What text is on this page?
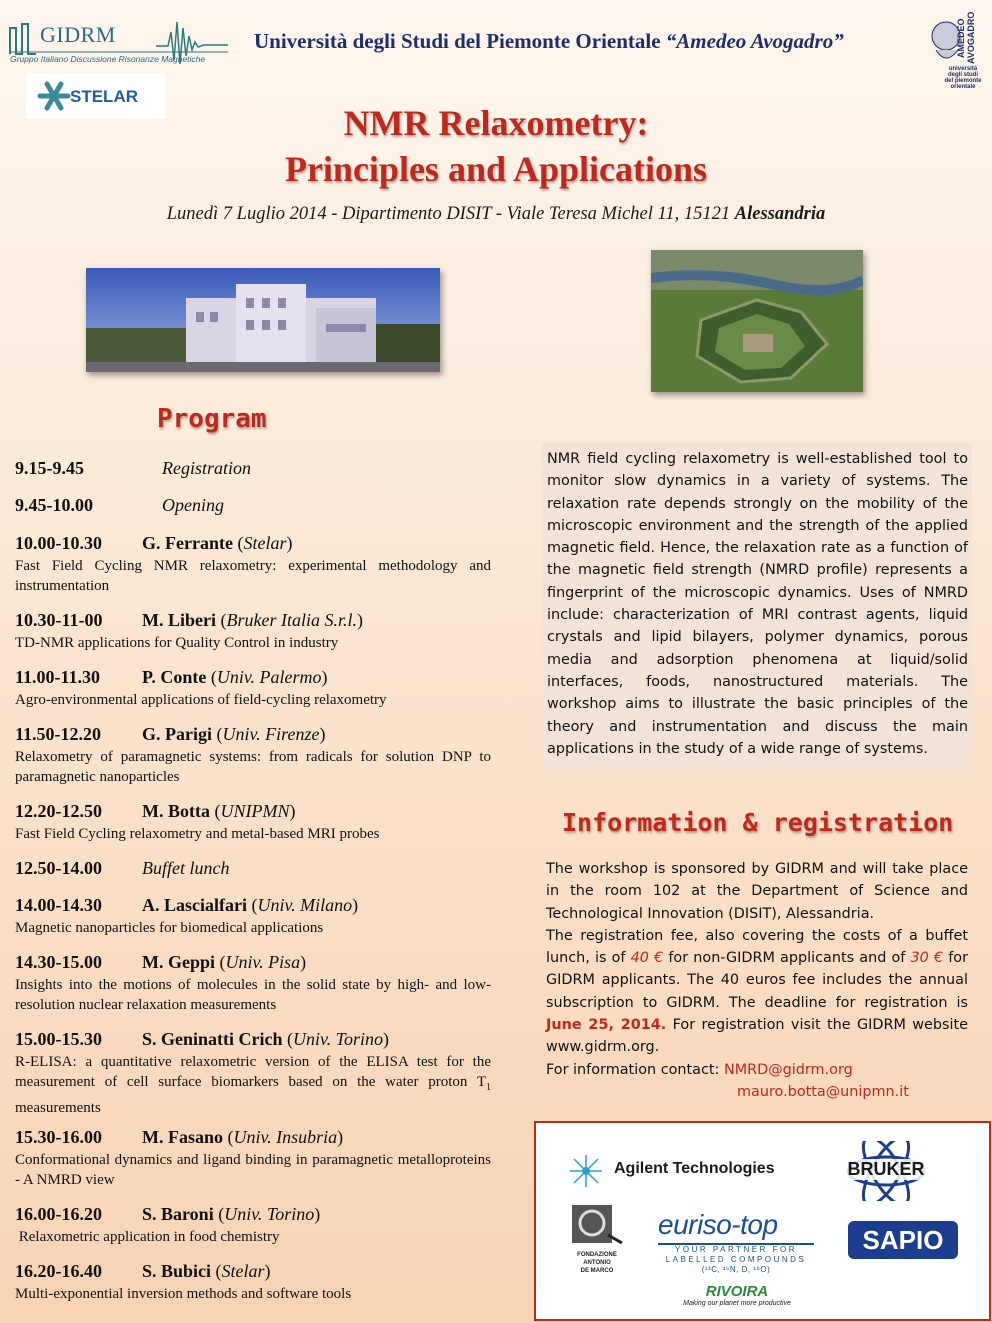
GIDRM
Gruppo Italiano Discussione Risonanze Magnetiche
STELAR
Università degli Studi del Piemonte Orientale “Amedeo Avogadro”	AMEDEO AVOGADRO
università degli studi del piemonte orientale
NMR Relaxometry:
Principles and Applications
Lunedì 7 Luglio 2014 - Dipartimento DISIT - Viale Teresa Michel 11, 15121 Alessandria
Program
9.15-9.45	Registration
9.45-10.00	Opening
10.00-10.30 G. Ferrante (Stelar)
Fast Field Cycling NMR relaxometry: experimental methodology and instrumentation
10.30-11-00 M. Liberi (Bruker Italia S.r.l.)
TD-NMR applications for Quality Control in industry
11.00-11.30 P. Conte (Univ. Palermo)
Agro-environmental applications of field-cycling relaxometry
11.50-12.20 G. Parigi (Univ. Firenze)
Relaxometry of paramagnetic systems: from radicals for solution DNP to paramagnetic nanoparticles
12.20-12.50 M. Botta (UNIPMN)
Fast Field Cycling relaxometry and metal-based MRI probes
12.50-14.00 Buffet lunch
14.00-14.30 A. Lascialfari (Univ. Milano)
Magnetic nanoparticles for biomedical applications
14.30-15.00 M. Geppi (Univ. Pisa)
Insights into the motions of molecules in the solid state by high- and low-resolution nuclear relaxation measurements
15.00-15.30 S. Geninatti Crich (Univ. Torino)
R-ELISA: a quantitative relaxometric version of the ELISA test for the measurement of cell surface biomarkers based on the water proton $T_1$ measurements
15.30-16.00 M. Fasano (Univ. Insubria)
Conformational dynamics and ligand binding in paramagnetic metalloproteins - A NMRD view
16.00-16.20 S. Baroni (Univ. Torino)
Relaxometric application in food chemistry
16.20-16.40 S. Bubici (Stelar)
Multi-exponential inversion methods and software tools
NMR field cycling relaxometry is well-established tool to monitor slow dynamics in a variety of systems. The relaxation rate depends strongly on the mobility of the microscopic environment and the strength of the applied magnetic field. Hence, the relaxation rate as a function of the magnetic field strength (NMRD profile) represents a fingerprint of the microscopic dynamics. Uses of NMRD include: characterization of MRI contrast agents, liquid crystals and lipid bilayers, polymer dynamics, porous media and adsorption phenomena at liquid/solid interfaces, foods, nanostructured materials. The workshop aims to illustrate the basic principles of the theory and instrumentation and discuss the main applications in the study of a wide range of systems.
Information & registration
The workshop is sponsored by GIDRM and will take place in the room 102 at the Department of Science and Technological Innovation (DISIT), Alessandria.
The registration fee, also covering the costs of a buffet lunch, is of 40 € for non-GIDRM applicants and of 30 € for GIDRM applicants. The 40 euros fee includes the annual subscription to GIDRM. The deadline for registration is June 25, 2014. For registration visit the GIDRM website www.gidrm.org.
For information contact: NMRD@gidrm.org
mauro.botta@unipmn.it
Agilent Technologies	BRUKER
FONDAZIONE
ANTONIO
DE MARCO
euriso-top
YOUR PARTNER FOR
LABELLED COMPOUNDS
(¹³C, ¹⁵N, D, ¹⁸O)
SAPIO
RIVOIRA
Making our planet more productive
